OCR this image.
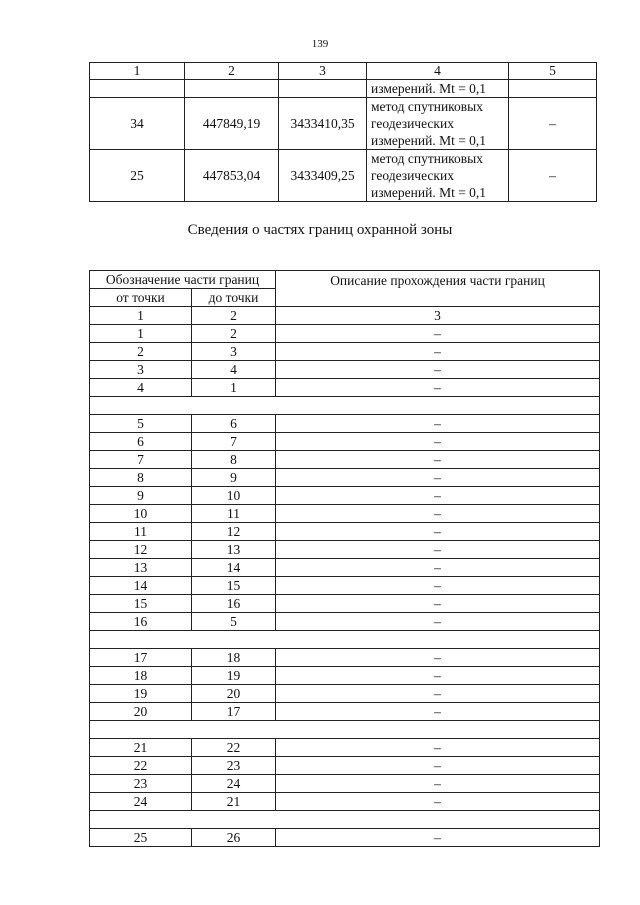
139
1	2	3	4	5
			измерений. Mt = 0,1	
34	447849,19	3433410,35	метод спутниковых
геодезических
измерений. Mt = 0,1	–
25	447853,04	3433409,25	метод спутниковых
геодезических
измерений. Mt = 0,1	–
Сведения о частях границ охранной зоны
Обозначение части границ		Описание прохождения части границ
от точки	до точки	
1	2	3
1	2	–
2	3	–
3	4	–
4	1	–

5	6	–
6	7	–
7	8	–
8	9	–
9	10	–
10	11	–
11	12	–
12	13	–
13	14	–
14	15	–
15	16	–
16	5	–

17	18	–
18	19	–
19	20	–
20	17	–

21	22	–
22	23	–
23	24	–
24	21	–

25	26	–
